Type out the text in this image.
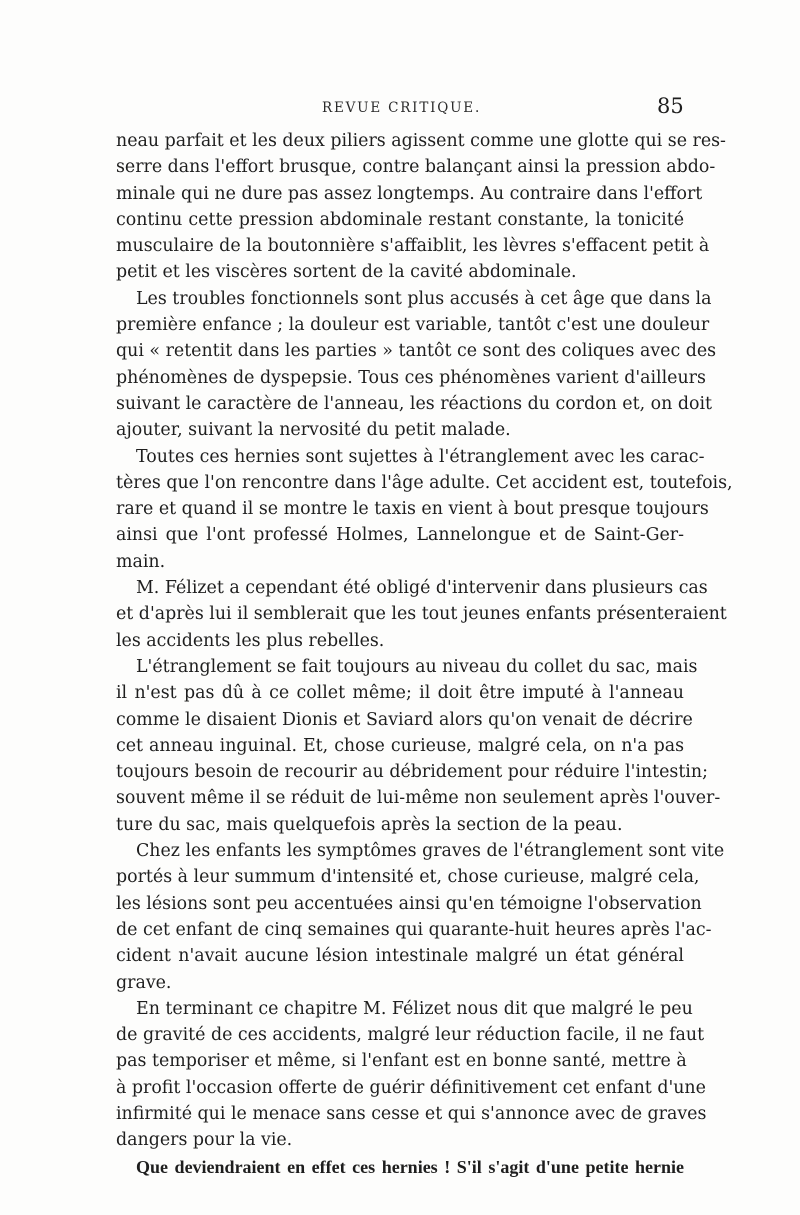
REVUE CRITIQUE.	85
neau parfait et les deux piliers agissent comme une glotte qui se res-
serre dans l'effort brusque, contre balançant ainsi la pression abdo-
minale qui ne dure pas assez longtemps. Au contraire dans l'effort
continu cette pression abdominale restant constante, la tonicité
musculaire de la boutonnière s'affaiblit, les lèvres s'effacent petit à
petit et les viscères sortent de la cavité abdominale.
Les troubles fonctionnels sont plus accusés à cet âge que dans la
première enfance ; la douleur est variable, tantôt c'est une douleur
qui « retentit dans les parties » tantôt ce sont des coliques avec des
phénomènes de dyspepsie. Tous ces phénomènes varient d'ailleurs
suivant le caractère de l'anneau, les réactions du cordon et, on doit
ajouter, suivant la nervosité du petit malade.
Toutes ces hernies sont sujettes à l'étranglement avec les carac-
tères que l'on rencontre dans l'âge adulte. Cet accident est, toutefois,
rare et quand il se montre le taxis en vient à bout presque toujours
ainsi que l'ont professé Holmes, Lannelongue et de Saint-Ger-
main.
M. Félizet a cependant été obligé d'intervenir dans plusieurs cas
et d'après lui il semblerait que les tout jeunes enfants présenteraient
les accidents les plus rebelles.
L'étranglement se fait toujours au niveau du collet du sac, mais
il n'est pas dû à ce collet même; il doit être imputé à l'anneau
comme le disaient Dionis et Saviard alors qu'on venait de décrire
cet anneau inguinal. Et, chose curieuse, malgré cela, on n'a pas
toujours besoin de recourir au débridement pour réduire l'intestin;
souvent même il se réduit de lui-même non seulement après l'ouver-
ture du sac, mais quelquefois après la section de la peau.
Chez les enfants les symptômes graves de l'étranglement sont vite
portés à leur summum d'intensité et, chose curieuse, malgré cela,
les lésions sont peu accentuées ainsi qu'en témoigne l'observation
de cet enfant de cinq semaines qui quarante-huit heures après l'ac-
cident n'avait aucune lésion intestinale malgré un état général
grave.
En terminant ce chapitre M. Félizet nous dit que malgré le peu
de gravité de ces accidents, malgré leur réduction facile, il ne faut
pas temporiser et même, si l'enfant est en bonne santé, mettre à
à profit l'occasion offerte de guérir définitivement cet enfant d'une
infirmité qui le menace sans cesse et qui s'annonce avec de graves
dangers pour la vie.
Que deviendraient en effet ces hernies ! S'il s'agit d'une petite hernie
